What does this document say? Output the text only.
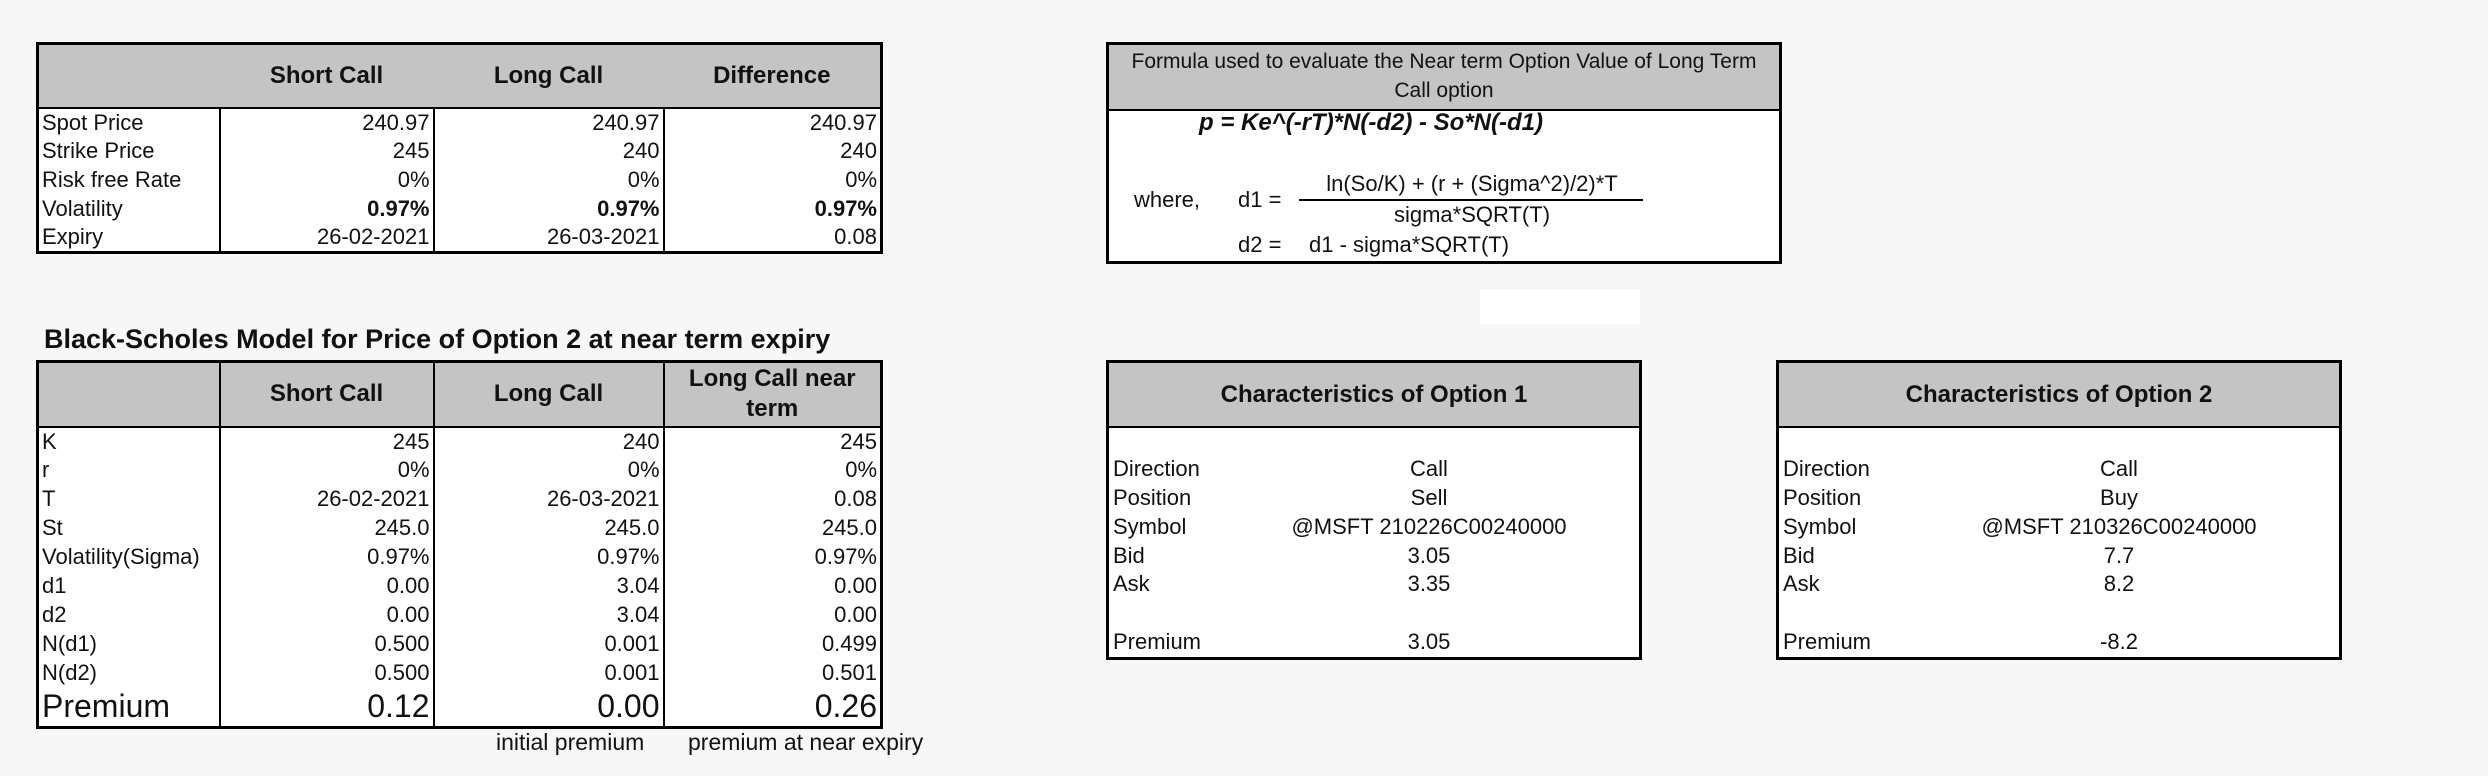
	Short Call	Long Call	Difference
Spot Price	240.97	240.97	240.97
Strike Price	245	240	240
Risk free Rate	0%	0%	0%
Volatility	0.97%	0.97%	0.97%
Expiry	26-02-2021	26-03-2021	0.08
Formula used to evaluate the Near term Option Value of Long Term Call option
p = Ke^(-rT)*N(-d2) - So*N(-d1)
where, d1 =
ln(So/K) + (r + (Sigma^2)/2)*T
sigma*SQRT(T)
d2 = d1 - sigma*SQRT(T)
Black-Scholes Model for Price of Option 2 at near term expiry
	Short Call	Long Call	Long Call near term
K	245	240	245
r	0%	0%	0%
T	26-02-2021	26-03-2021	0.08
St	245.0	245.0	245.0
Volatility(Sigma)	0.97%	0.97%	0.97%
d1	0.00	3.04	0.00
d2	0.00	3.04	0.00
N(d1)	0.500	0.001	0.499
N(d2)	0.500	0.001	0.501
Premium	0.12	0.00	0.26
initial premium premium at near expiry
Characteristics of Option 1
Direction	Call
Position	Sell
Symbol	@MSFT 210226C00240000
Bid	3.05
Ask	3.35
Premium	3.05
Characteristics of Option 2
Direction	Call
Position	Buy
Symbol	@MSFT 210326C00240000
Bid	7.7
Ask	8.2
Premium	-8.2
